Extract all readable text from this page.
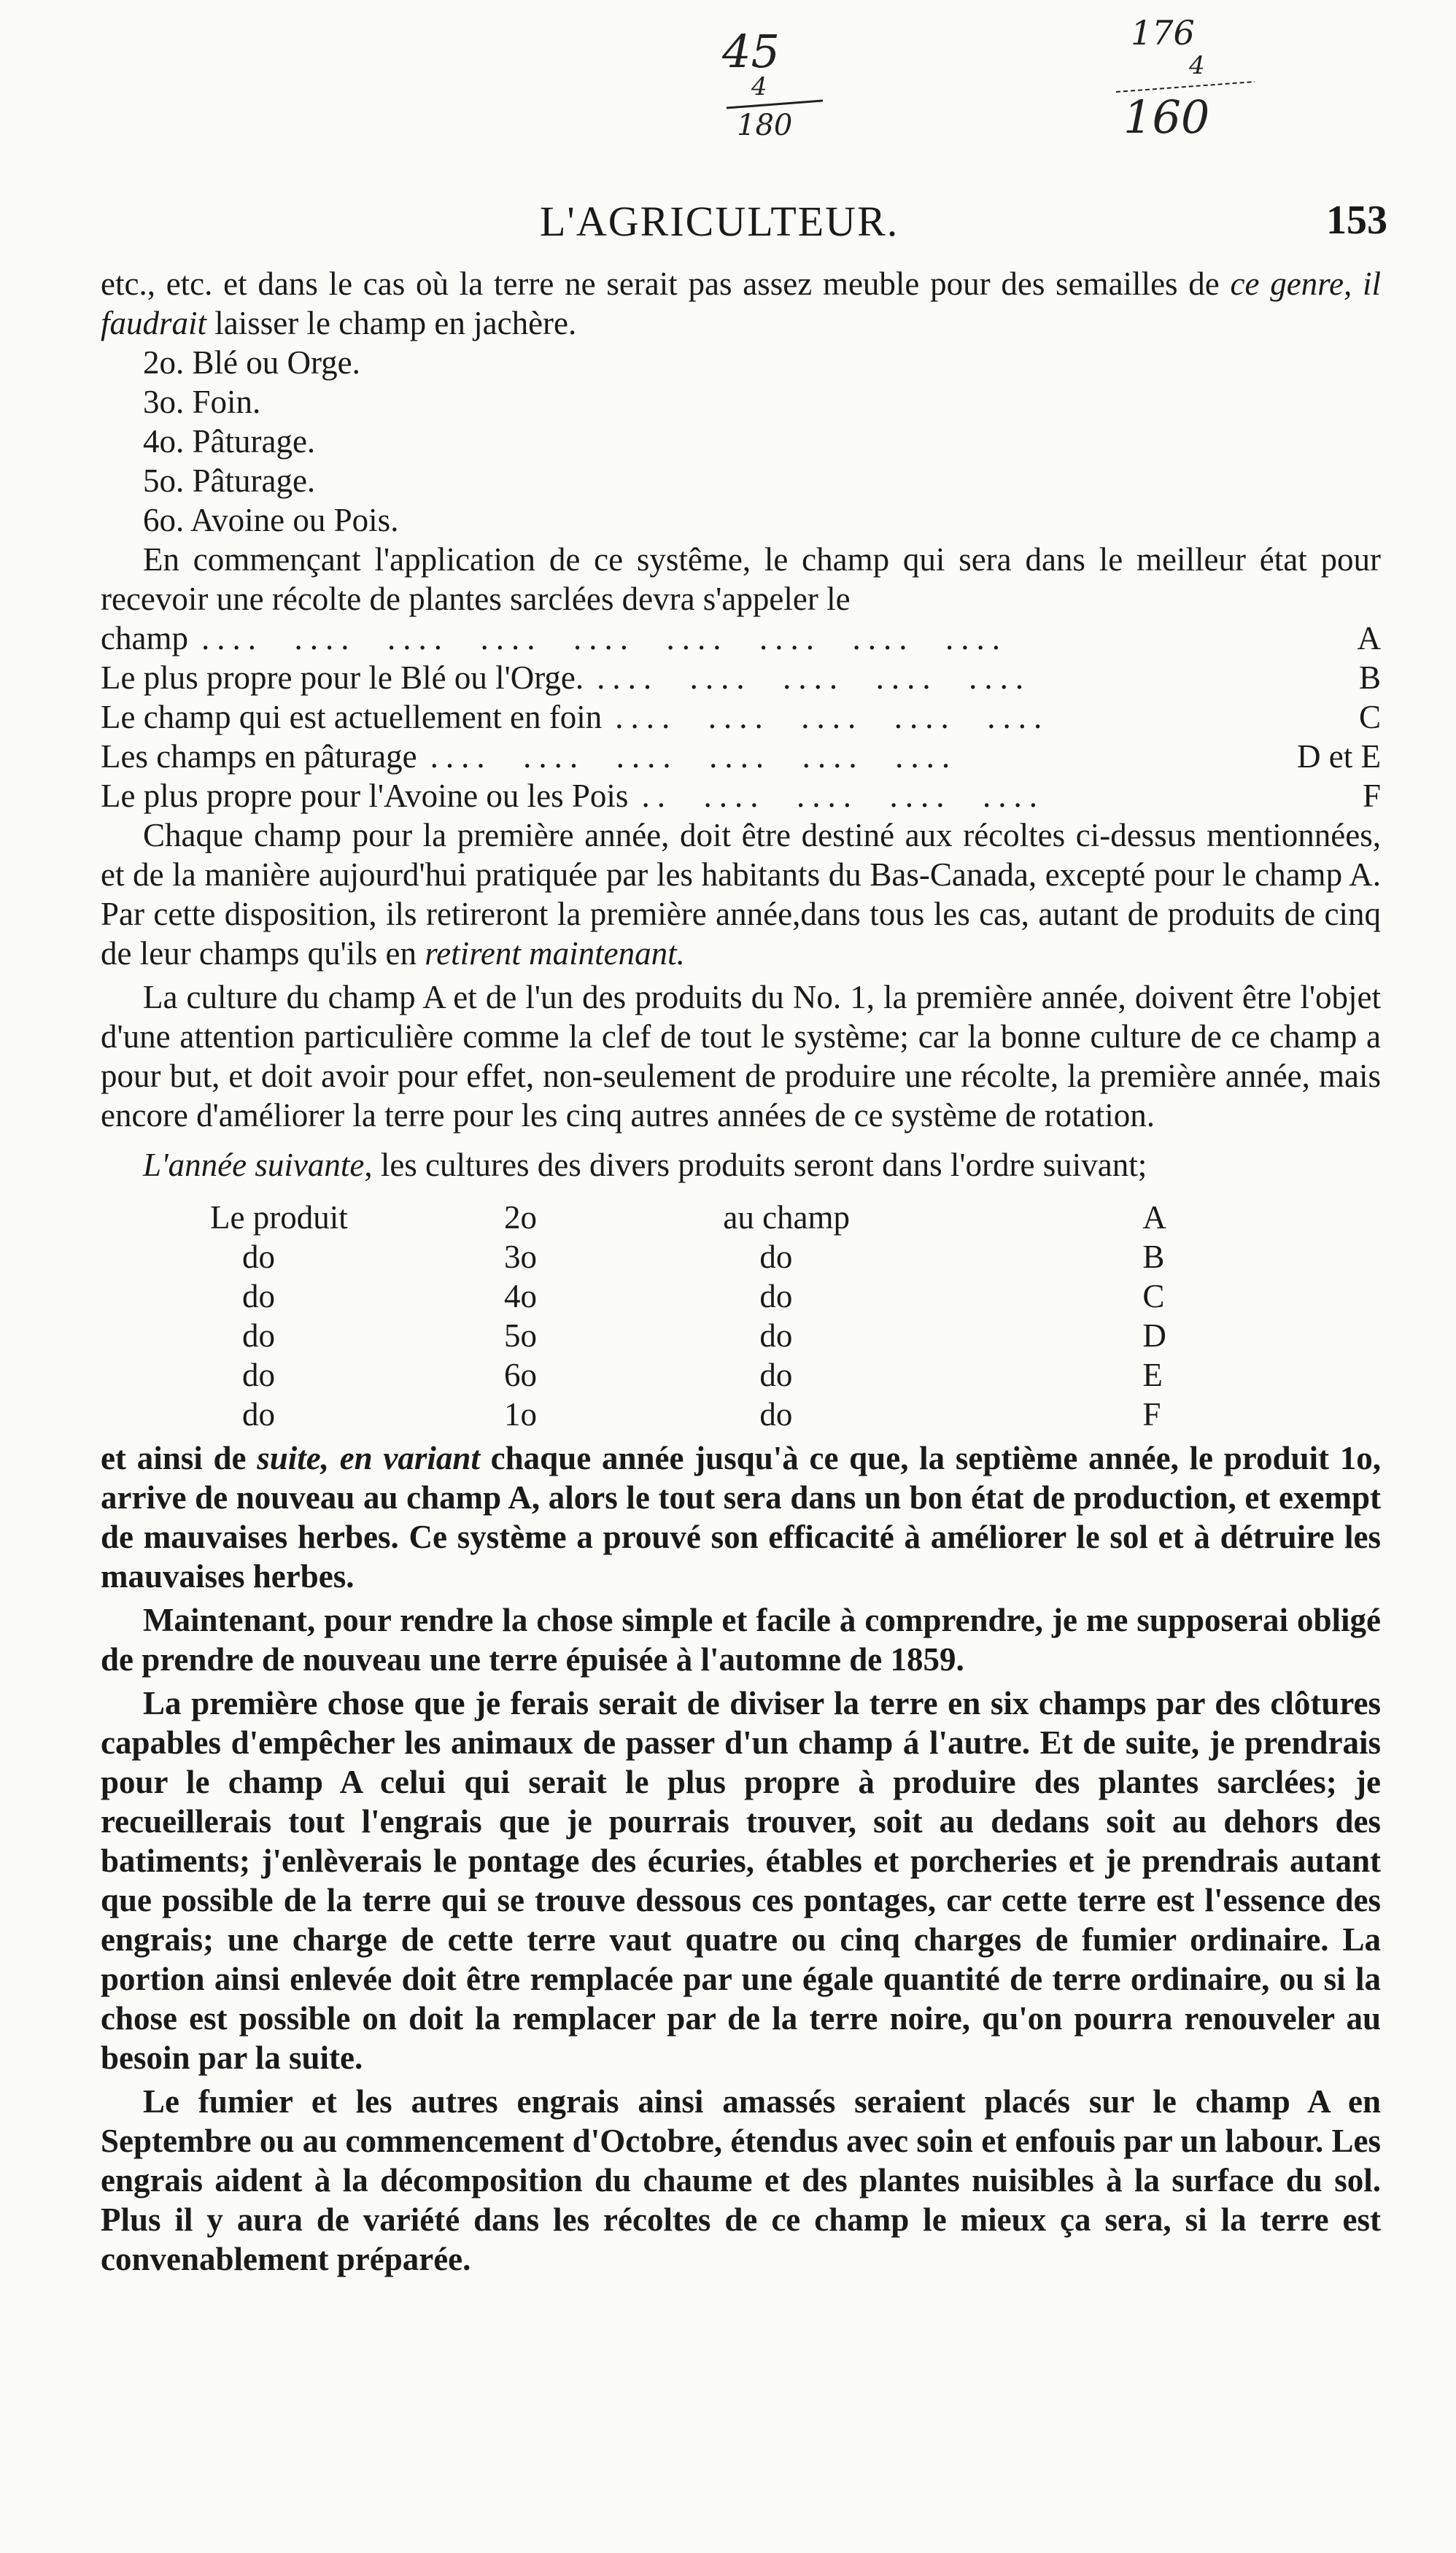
45
4
180
176
4
160
L'AGRICULTEUR.	153

etc., etc. et dans le cas où la terre ne serait pas assez meuble pour des semailles de ce genre, il faudrait laisser le champ en jachère.

2o. Blé ou Orge.
3o. Foin.
4o. Pâturage.
5o. Pâturage.
6o. Avoine ou Pois.

En commençant l'application de ce systême, le champ qui sera dans le meilleur état pour recevoir une récolte de plantes sarclées devra s'appeler le

champ ....  ....  ....  ....  ....  ....  ....  ....  ....	A
Le plus propre pour le Blé ou l'Orge. ....  ....  ....  ....  ....	B
Le champ qui est actuellement en foin ....  ....  ....  ....  ....	C
Les champs en pâturage ....  ....  ....  ....  ....  ....	D et E
Le plus propre pour l'Avoine ou les Pois ..  ....  ....  ....  ....	F

Chaque champ pour la première année, doit être destiné aux récoltes ci-dessus mentionnées, et de la manière aujourd'hui pratiquée par les habitants du Bas-Canada, excepté pour le champ A. Par cette disposition, ils retireront la première année,dans tous les cas, autant de produits de cinq de leur champs qu'ils en retirent maintenant.

La culture du champ A et de l'un des produits du No. 1, la première année, doivent être l'objet d'une attention particulière comme la clef de tout le système; car la bonne culture de ce champ a pour but, et doit avoir pour effet, non-seulement de produire une récolte, la première année, mais encore d'améliorer la terre pour les cinq autres années de ce système de rotation.

L'année suivante, les cultures des divers produits seront dans l'ordre suivant;

Le produit	2o	au champ	A
do	3o	do	B
do	4o	do	C
do	5o	do	D
do	6o	do	E
do	1o	do	F

et ainsi de suite, en variant chaque année jusqu'à ce que, la septième année, le produit 1o, arrive de nouveau au champ A, alors le tout sera dans un bon état de production, et exempt de mauvaises herbes. Ce système a prouvé son efficacité à améliorer le sol et à détruire les mauvaises herbes.

Maintenant, pour rendre la chose simple et facile à comprendre, je me supposerai obligé de prendre de nouveau une terre épuisée à l'automne de 1859.

La première chose que je ferais serait de diviser la terre en six champs par des clôtures capables d'empêcher les animaux de passer d'un champ á l'autre. Et de suite, je prendrais pour le champ A celui qui serait le plus propre à produire des plantes sarclées; je recueillerais tout l'engrais que je pourrais trouver, soit au dedans soit au dehors des batiments; j'enlèverais le pontage des écuries, étables et porcheries et je prendrais autant que possible de la terre qui se trouve dessous ces pontages, car cette terre est l'essence des engrais; une charge de cette terre vaut quatre ou cinq charges de fumier ordinaire. La portion ainsi enlevée doit être remplacée par une égale quantité de terre ordinaire, ou si la chose est possible on doit la remplacer par de la terre noire, qu'on pourra renouveler au besoin par la suite.

Le fumier et les autres engrais ainsi amassés seraient placés sur le champ A en Septembre ou au commencement d'Octobre, étendus avec soin et enfouis par un labour. Les engrais aident à la décomposition du chaume et des plantes nuisibles à la surface du sol. Plus il y aura de variété dans les récoltes de ce champ le mieux ça sera, si la terre est convenablement préparée.
